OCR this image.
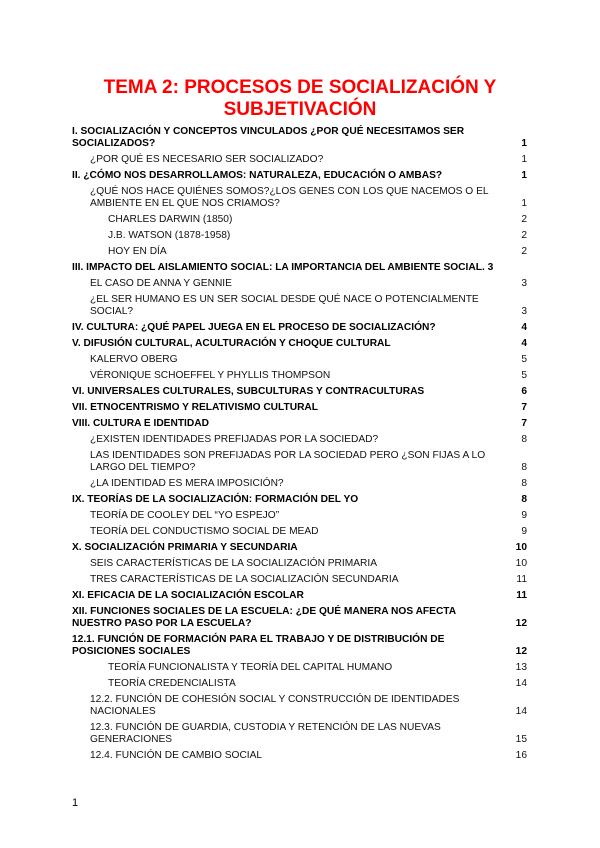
TEMA 2: PROCESOS DE SOCIALIZACIÓN Y
SUBJETIVACIÓN
I. SOCIALIZACIÓN Y CONCEPTOS VINCULADOS ¿POR QUÉ NECESITAMOS SER SOCIALIZADOS?	1
¿POR QUÉ ES NECESARIO SER SOCIALIZADO?	1
II. ¿CÓMO NOS DESARROLLAMOS: NATURALEZA, EDUCACIÓN O AMBAS?	1
¿QUÉ NOS HACE QUIÉNES SOMOS?¿LOS GENES CON LOS QUE NACEMOS O EL AMBIENTE EN EL QUE NOS CRIAMOS?	1
CHARLES DARWIN (1850)	2
J.B. WATSON (1878-1958)	2
HOY EN DÍA	2
III. IMPACTO DEL AISLAMIENTO SOCIAL: LA IMPORTANCIA DEL AMBIENTE SOCIAL. 3
EL CASO DE ANNA Y GENNIE	3
¿EL SER HUMANO ES UN SER SOCIAL DESDE QUÉ NACE O POTENCIALMENTE SOCIAL?	3
IV. CULTURA: ¿QUÉ PAPEL JUEGA EN EL PROCESO DE SOCIALIZACIÓN?	4
V. DIFUSIÓN CULTURAL, ACULTURACIÓN Y CHOQUE CULTURAL	4
KALERVO OBERG	5
VÉRONIQUE SCHOEFFEL Y PHYLLIS THOMPSON	5
VI. UNIVERSALES CULTURALES, SUBCULTURAS Y CONTRACULTURAS	6
VII. ETNOCENTRISMO Y RELATIVISMO CULTURAL	7
VIII. CULTURA E IDENTIDAD	7
¿EXISTEN IDENTIDADES PREFIJADAS POR LA SOCIEDAD?	8
LAS IDENTIDADES SON PREFIJADAS POR LA SOCIEDAD PERO ¿SON FIJAS A LO LARGO DEL TIEMPO?	8
¿LA IDENTIDAD ES MERA IMPOSICIÓN?	8
IX. TEORÍAS DE LA SOCIALIZACIÓN: FORMACIÓN DEL YO	8
TEORÍA DE COOLEY DEL “YO ESPEJO”	9
TEORÍA DEL CONDUCTISMO SOCIAL DE MEAD	9
X. SOCIALIZACIÓN PRIMARIA Y SECUNDARIA	10
SEIS CARACTERÍSTICAS DE LA SOCIALIZACIÓN PRIMARIA	10
TRES CARACTERÍSTICAS DE LA SOCIALIZACIÓN SECUNDARIA	11
XI. EFICACIA DE LA SOCIALIZACIÓN ESCOLAR	11
XII. FUNCIONES SOCIALES DE LA ESCUELA: ¿DE QUÉ MANERA NOS AFECTA NUESTRO PASO POR LA ESCUELA?	12
12.1. FUNCIÓN DE FORMACIÓN PARA EL TRABAJO Y DE DISTRIBUCIÓN DE POSICIONES SOCIALES	12
TEORÍA FUNCIONALISTA Y TEORÍA DEL CAPITAL HUMANO	13
TEORÍA CREDENCIALISTA	14
12.2. FUNCIÓN DE COHESIÓN SOCIAL Y CONSTRUCCIÓN DE IDENTIDADES NACIONALES	14
12.3. FUNCIÓN DE GUARDIA, CUSTODIA Y RETENCIÓN DE LAS NUEVAS GENERACIONES	15
12.4. FUNCIÓN DE CAMBIO SOCIAL	16
1
